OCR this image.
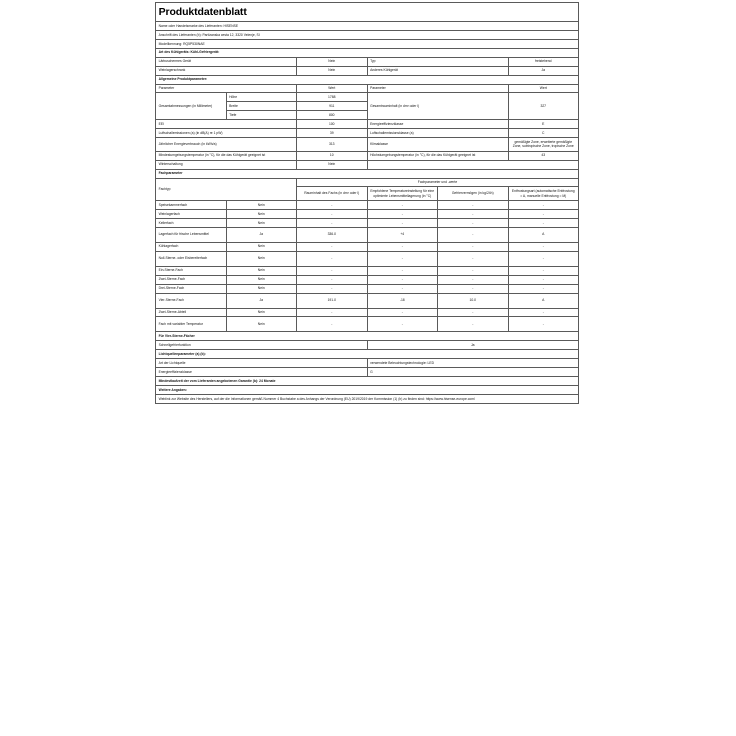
Produktdatenblatt					
Name oder Handelsmarke des Lieferanten: HISENSE					
Anschrift des Lieferanten (b): Partizanska cesta 12, 3320 Velenje, SI					
Modellkennung: RQ5P530NAE					
Art des Kühlgeräts: Kühl-Gefriergerät:					
Lärbuschermes Gerät		Nein	Typ		freistehend
Weinlagerschrank		Nein	Anderes Kühlgerät		Ja
Allgemeine Produktparameter:					
Parameter		Wert	Parameter		Wert
Gesamtabmessungen (in Millimeter)	Höhe	1788	Gesamtrauminhalt (in dm³ oder l)		327
	Breite	911			
	Tiefe	800			
EEI		100	Energieeffizienzklasse		E
Luftschallemissionen (a) (in dB(A) re 1 pW)		39	Luftschallemissionsklasse (a)		C
Jährlicher Energieverbrauch (in kWh/a)		313	Klimaklasse		gemäßigte Zone, erweiterte gemäßigte Zone, subtropische Zone, tropische Zone
Mindestumgebungstemperatur (in °C), für die das Kühlgerät geeignet ist		10	Höchstumgebungstemperatur (in °C), für die das Kühlgerät geeignet ist		43
Winterschaltung		Nein			
Fachparameter					
Fachtyp		Fachparameter und -werte			
		Rauminhalt des Fachs (in dm³ oder l)	Empfohlene Temperatureinstellung für eine optimierte Lebensmittellagerung (in °C)	Gefriervermögen (in kg/24h)	Entfrostungsart (automatische Entfrostung = A, manuelle Entfrostung = M)
Speisekammerfach	Nein	-	-	-	-
Weinlagerfach	Nein	-	-	-	-
Kellerfach	Nein	-	-	-	-
Lagerfach für frische Lebensmittel	Ja	336.0	+4	-	A
Kühlagerfach	Nein	-	-	-	-
Null-Sterne- oder Eisbereiterfach	Nein	-	-	-	-
Ein-Sterne-Fach	Nein	-	-	-	-
Zwei-Sterne-Fach	Nein	-	-	-	-
Drei-Sterne-Fach	Nein	-	-	-	-
Vier-Sterne-Fach	Ja	191.0	-18	10.0	A
Zwei-Sterne-Abteil	Nein	-	-	-	-
Fach mit variabler Temperatur	Nein	-	-	-	-
Für Vier-Sterne-Fächer					
Schnellgefrierfunktion			Ja		
Lichtquellenparameter (a) (b):					
Art der Lichtquelle			verwendete Beleuchtungstechnologie: LED		
Energieeffizienzklasse			G		
Mindestlaufzeit der vom Lieferanten angebotenen Garantie (b): 24 Monate					
Weitere Angaben:					
Weblink zur Website des Herstellers, auf der die Informationen gemäß Nummer 4 Buchstabe a des Anhangs der Verordnung (EU) 2019/2019 der Kommission (1) (b) zu finden sind: https://www.hisense-europe.com/					
